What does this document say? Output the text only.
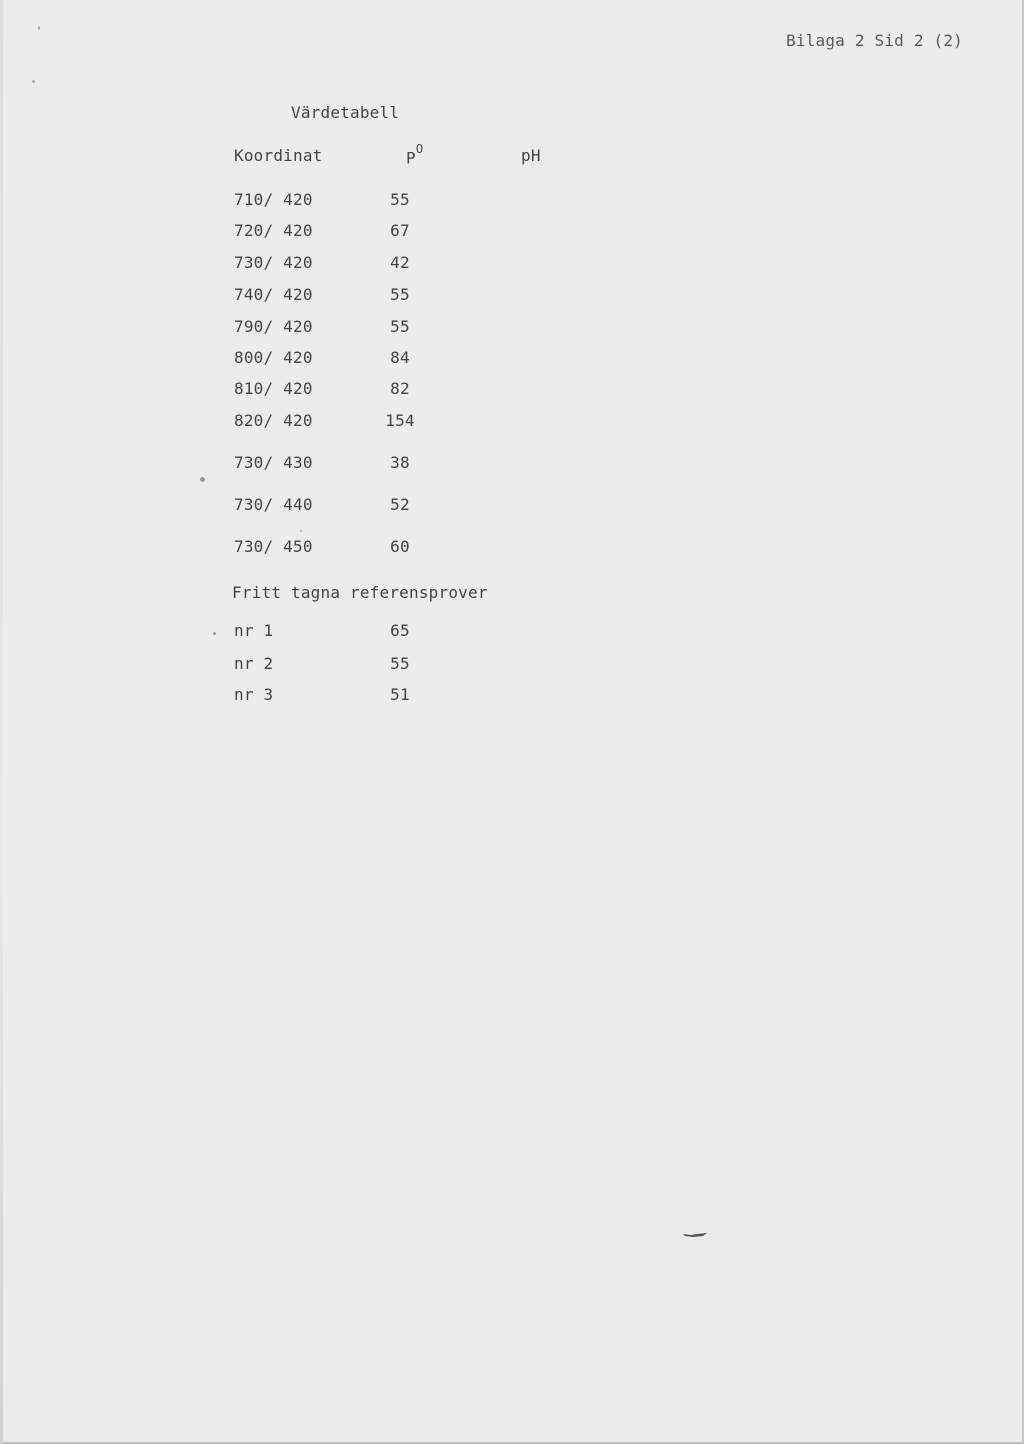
Bilaga 2 Sid 2 (2)
Värdetabell
Koordinat	$P^O$	pH
710/ 420	55
720/ 420	67
730/ 420	42
740/ 420	55
790/ 420	55
800/ 420	84
810/ 420	82
820/ 420	154
730/ 430	38
730/ 440	52
730/ 450	60
Fritt tagna referensprover
nr 1	65
nr 2	55
nr 3	51
